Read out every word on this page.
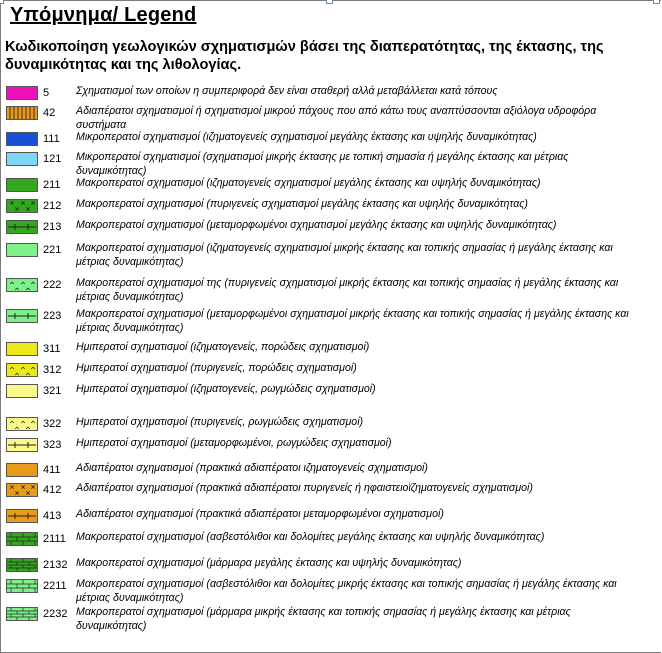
Υπόμνημα/ Legend
Κωδικοποίηση γεωλογικών σχηματισμών βάσει της διαπερατότητας, της έκτασης, της δυναμικότητας και της λιθολογίας.
5	Σχηματισμοί των οποίων η συμπεριφορά δεν είναι σταθερή αλλά μεταβάλλεται κατά τόπους
42 Αδιαπέρατοι σχηματισμοί ή σχηματισμοί μικρού πάχους που από κάτω τους αναπτύσσονται αξιόλογα υδροφόρα συστήματα
111 Μικροπερατοί σχηματισμοί (ιζηματογενείς σχηματισμοί μεγάλης έκτασης και υψηλής δυναμικότητας)
121 Μικροπερατοί σχηματισμοί (σχηματισμοί μικρής έκτασης με τοπική σημασία ή μεγάλης έκτασης και μέτριας δυναμικότητας)
211 Μακροπερατοί σχηματισμοί (ιζηματογενείς σχηματισμοί μεγάλης έκτασης και υψηλής δυναμικότητας)
212 Μακροπερατοί σχηματισμοί (πυριγενείς σχηματισμοί μεγάλης έκτασης και υψηλής δυναμικότητας)
213 Μακροπερατοί σχηματισμοί (μεταμορφωμένοι σχηματισμοί μεγάλης έκτασης και υψηλής δυναμικότητας)
221 Μακροπερατοί σχηματισμοί (ιζηματογενείς σχηματισμοί μικρής έκτασης και τοπικής σημασίας ή μεγάλης έκτασης και μέτριας δυναμικότητας)
222 Μακροπερατοί σχηματισμοί της (πυριγενείς σχηματισμοί μικρής έκτασης και τοπικής σημασίας ή μεγάλης έκτασης και μέτριας δυναμικότητας)
223 Μακροπερατοί σχηματισμοί (μεταμορφωμένοι σχηματισμοί μικρής έκτασης και τοπικής σημασίας ή μεγάλης έκτασης και μέτριας δυναμικότητας)
311 Ημιπερατοί σχηματισμοί (ιζηματογενείς, πορώδεις σχηματισμοί)
312 Ημιπερατοί σχηματισμοί (πυριγενείς, πορώδεις σχηματισμοί)
321 Ημιπερατοί σχηματισμοί (ιζηματογενείς, ρωγμώδεις σχηματισμοί)
322 Ημιπερατοί σχηματισμοί (πυριγενείς, ρωγμώδεις σχηματισμοί)
323 Ημιπερατοί σχηματισμοί (μεταμορφωμένοι, ρωγμώδεις σχηματισμοί)
411 Αδιαπέρατοι σχηματισμοί (πρακτικά αδιαπέρατοι ιζηματογενείς σχηματισμοί)
412 Αδιαπέρατοι σχηματισμοί (πρακτικά αδιαπέρατοι πυριγενείς ή ηφαιστειοϊζηματογενείς σχηματισμοί)
413 Αδιαπέρατοι σχηματισμοί (πρακτικά αδιαπέρατοι μεταμορφωμένοι σχηματισμοί)
2111 Μακροπερατοί σχηματισμοί (ασβεστόλιθοι και δολομίτες μεγάλης έκτασης και υψηλής δυναμικότητας)
2132 Μακροπερατοί σχηματισμοί (μάρμαρα μεγάλης έκτασης και υψηλής δυναμικότητας)
2211 Μακροπερατοί σχηματισμοί (ασβεστόλιθοι και δολομίτες μικρής έκτασης και τοπικής σημασίας ή μεγάλης έκτασης και μέτριας δυναμικότητας)
2232 Μακροπερατοί σχηματισμοί (μάρμαρα μικρής έκτασης και τοπικής σημασίας ή μεγάλης έκτασης και μέτριας δυναμικότητας)
